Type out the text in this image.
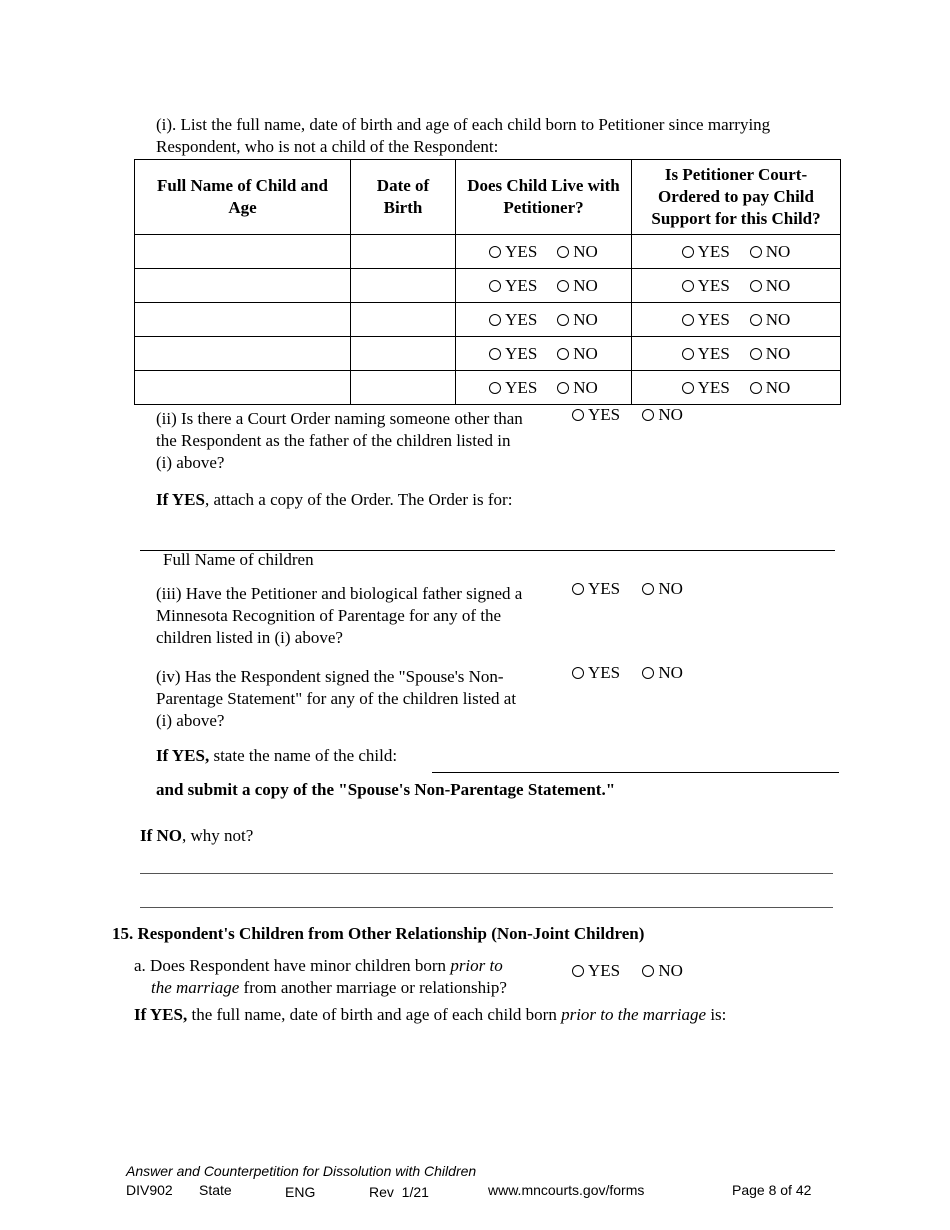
(i). List the full name, date of birth and age of each child born to Petitioner since marrying
Respondent, who is not a child of the Respondent:
Full Name of Child and Age	Date of Birth	Does Child Live with Petitioner?	Is Petitioner Court-Ordered to pay Child Support for this Child?
		YES NO	YES NO
		YES NO	YES NO
		YES NO	YES NO
		YES NO	YES NO
		YES NO	YES NO
(ii) Is there a Court Order naming someone other than
the Respondent as the father of the children listed in
(i) above?
YES NO
If YES, attach a copy of the Order. The Order is for:
Full Name of children
(iii) Have the Petitioner and biological father signed a
Minnesota Recognition of Parentage for any of the
children listed in (i) above?
YES NO
(iv) Has the Respondent signed the "Spouse's Non-
Parentage Statement" for any of the children listed at
(i) above?
YES NO
If YES, state the name of the child:
and submit a copy of the "Spouse's Non-Parentage Statement."
If NO, why not?
15. Respondent's Children from Other Relationship (Non-Joint Children)
a. Does Respondent have minor children born prior to
the marriage from another marriage or relationship?
YES NO
If YES, the full name, date of birth and age of each child born prior to the marriage is:
Answer and Counterpetition for Dissolution with Children
DIV902 State	ENG	Rev  1/21	www.mncourts.gov/forms	Page 8 of 42
